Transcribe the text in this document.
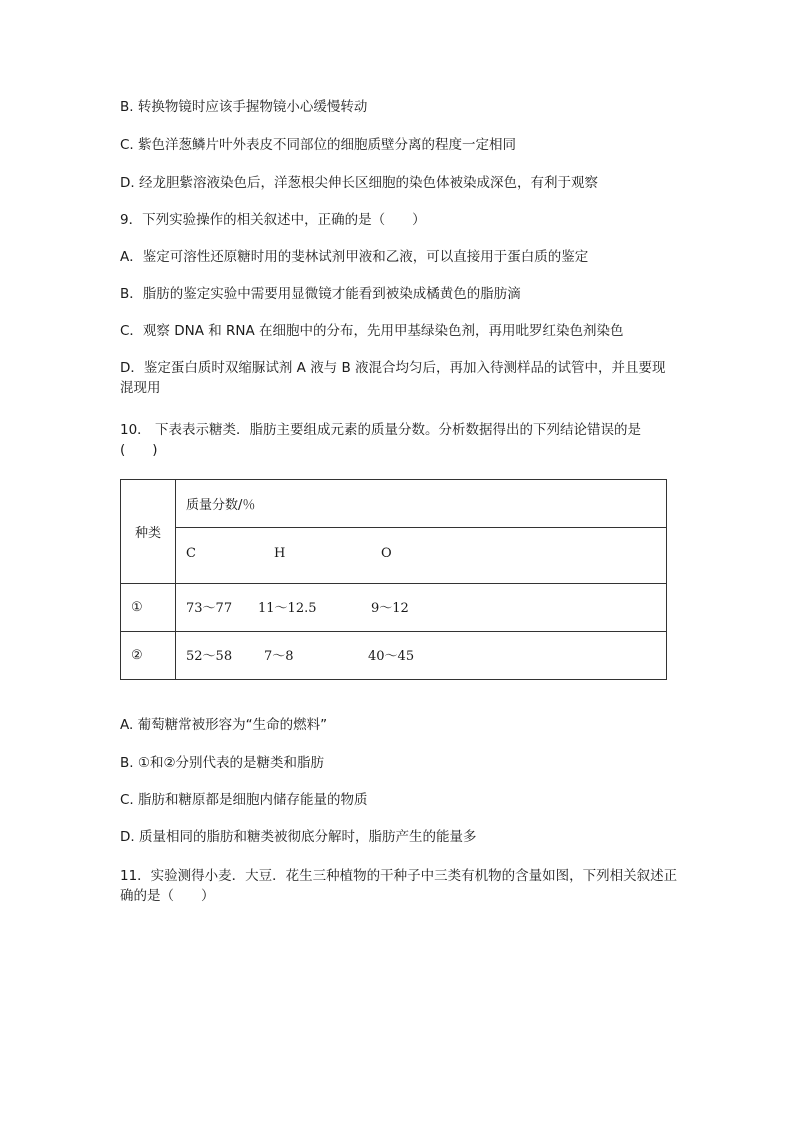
B. 转换物镜时应该手握物镜小心缓慢转动
C. 紫色洋葱鳞片叶外表皮不同部位的细胞质壁分离的程度一定相同
D. 经龙胆紫溶液染色后，洋葱根尖伸长区细胞的染色体被染成深色，有利于观察
9．下列实验操作的相关叙述中，正确的是（　　）
A．鉴定可溶性还原糖时用的斐林试剂甲液和乙液，可以直接用于蛋白质的鉴定
B．脂肪的鉴定实验中需要用显微镜才能看到被染成橘黄色的脂肪滴
C．观察 DNA 和 RNA 在细胞中的分布，先用甲基绿染色剂，再用吡罗红染色剂染色
D．鉴定蛋白质时双缩脲试剂 A 液与 B 液混合均匀后，再加入待测样品的试管中，并且要现混现用
10． 下表表示糖类．脂肪主要组成元素的质量分数。分析数据得出的下列结论错误的是(　　)
种类	质量分数/％

	C H O

①	73～77 11～12.5 9～12

②	52～58 7～8 40～45
A. 葡萄糖常被形容为“生命的燃料”
B. ①和②分别代表的是糖类和脂肪
C. 脂肪和糖原都是细胞内储存能量的物质
D. 质量相同的脂肪和糖类被彻底分解时，脂肪产生的能量多
11．实验测得小麦．大豆．花生三种植物的干种子中三类有机物的含量如图，下列相关叙述正确的是（　　）
